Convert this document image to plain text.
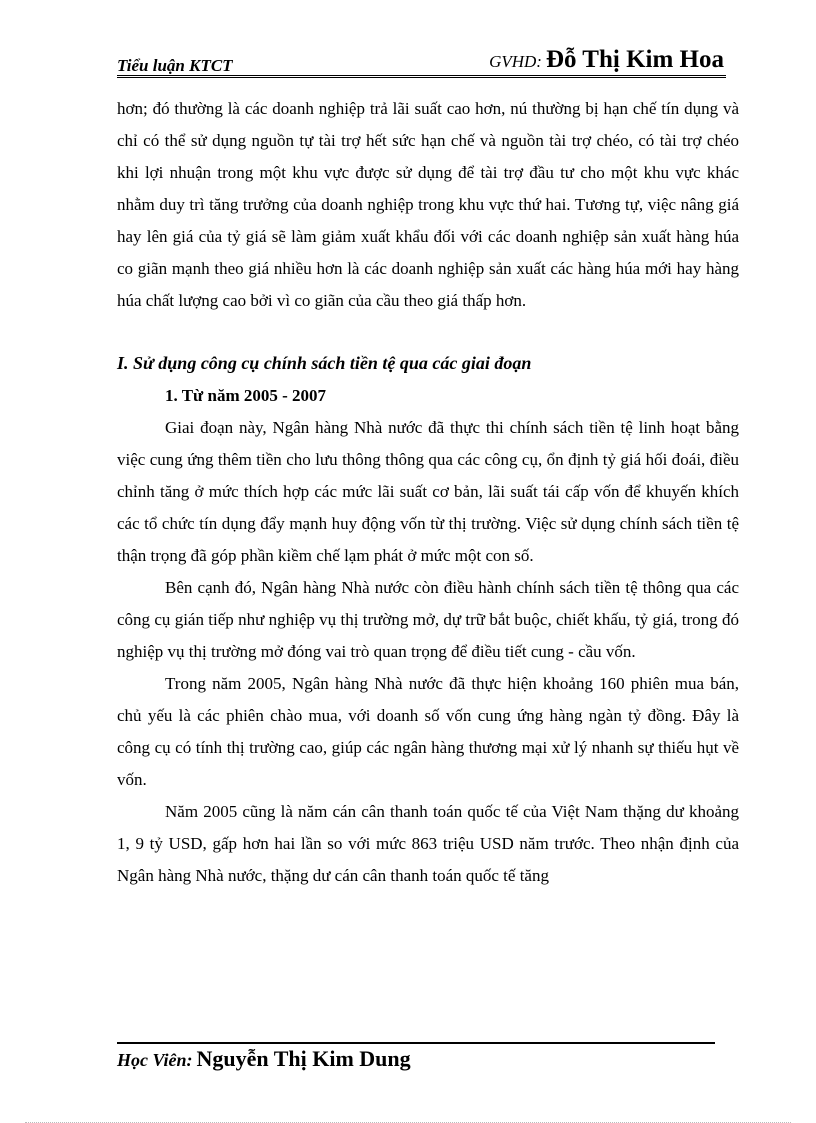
Tiểu luận KTCT	GVHD: Đỗ Thị Kim Hoa

hơn; đó thường là các doanh nghiệp trả lãi suất cao hơn, nú thường bị hạn chế tín dụng và chỉ có thể sử dụng nguồn tự tài trợ hết sức hạn chế và nguồn tài trợ chéo, có tài trợ chéo khi lợi nhuận trong một khu vực được sử dụng để tài trợ đầu tư cho một khu vực khác nhằm duy trì tăng trưởng của doanh nghiệp trong khu vực thứ hai. Tương tự, việc nâng giá hay lên giá của tỷ giá sẽ làm giảm xuất khẩu đối với các doanh nghiệp sản xuất hàng húa co giãn mạnh theo giá nhiều hơn là các doanh nghiệp sản xuất các hàng húa mới hay hàng húa chất lượng cao bởi vì co giãn của cầu theo giá thấp hơn.

I. Sử dụng công cụ chính sách tiền tệ qua các giai đoạn

1. Từ năm 2005 - 2007

Giai đoạn này, Ngân hàng Nhà nước đã thực thi chính sách tiền tệ linh hoạt bằng việc cung ứng thêm tiền cho lưu thông thông qua các công cụ, ổn định tỷ giá hối đoái, điều chỉnh tăng ở mức thích hợp các mức lãi suất cơ bản, lãi suất tái cấp vốn để khuyến khích các tổ chức tín dụng đẩy mạnh huy động vốn từ thị trường. Việc sử dụng chính sách tiền tệ thận trọng đã góp phần kiềm chế lạm phát ở mức một con số.

Bên cạnh đó, Ngân hàng Nhà nước còn điều hành chính sách tiền tệ thông qua các công cụ gián tiếp như nghiệp vụ thị trường mở, dự trữ bắt buộc, chiết khấu, tỷ giá, trong đó nghiệp vụ thị trường mở đóng vai trò quan trọng để điều tiết cung - cầu vốn.

Trong năm 2005, Ngân hàng Nhà nước đã thực hiện khoảng 160 phiên mua bán, chủ yếu là các phiên chào mua, với doanh số vốn cung ứng hàng ngàn tỷ đồng. Đây là công cụ có tính thị trường cao, giúp các ngân hàng thương mại xử lý nhanh sự thiếu hụt về vốn.

Năm 2005 cũng là năm cán cân thanh toán quốc tế của Việt Nam thặng dư khoảng 1, 9 tỷ USD, gấp hơn hai lần so với mức 863 triệu USD năm trước. Theo nhận định của Ngân hàng Nhà nước, thặng dư cán cân thanh toán quốc tế tăng

Học Viên: Nguyễn Thị Kim Dung
